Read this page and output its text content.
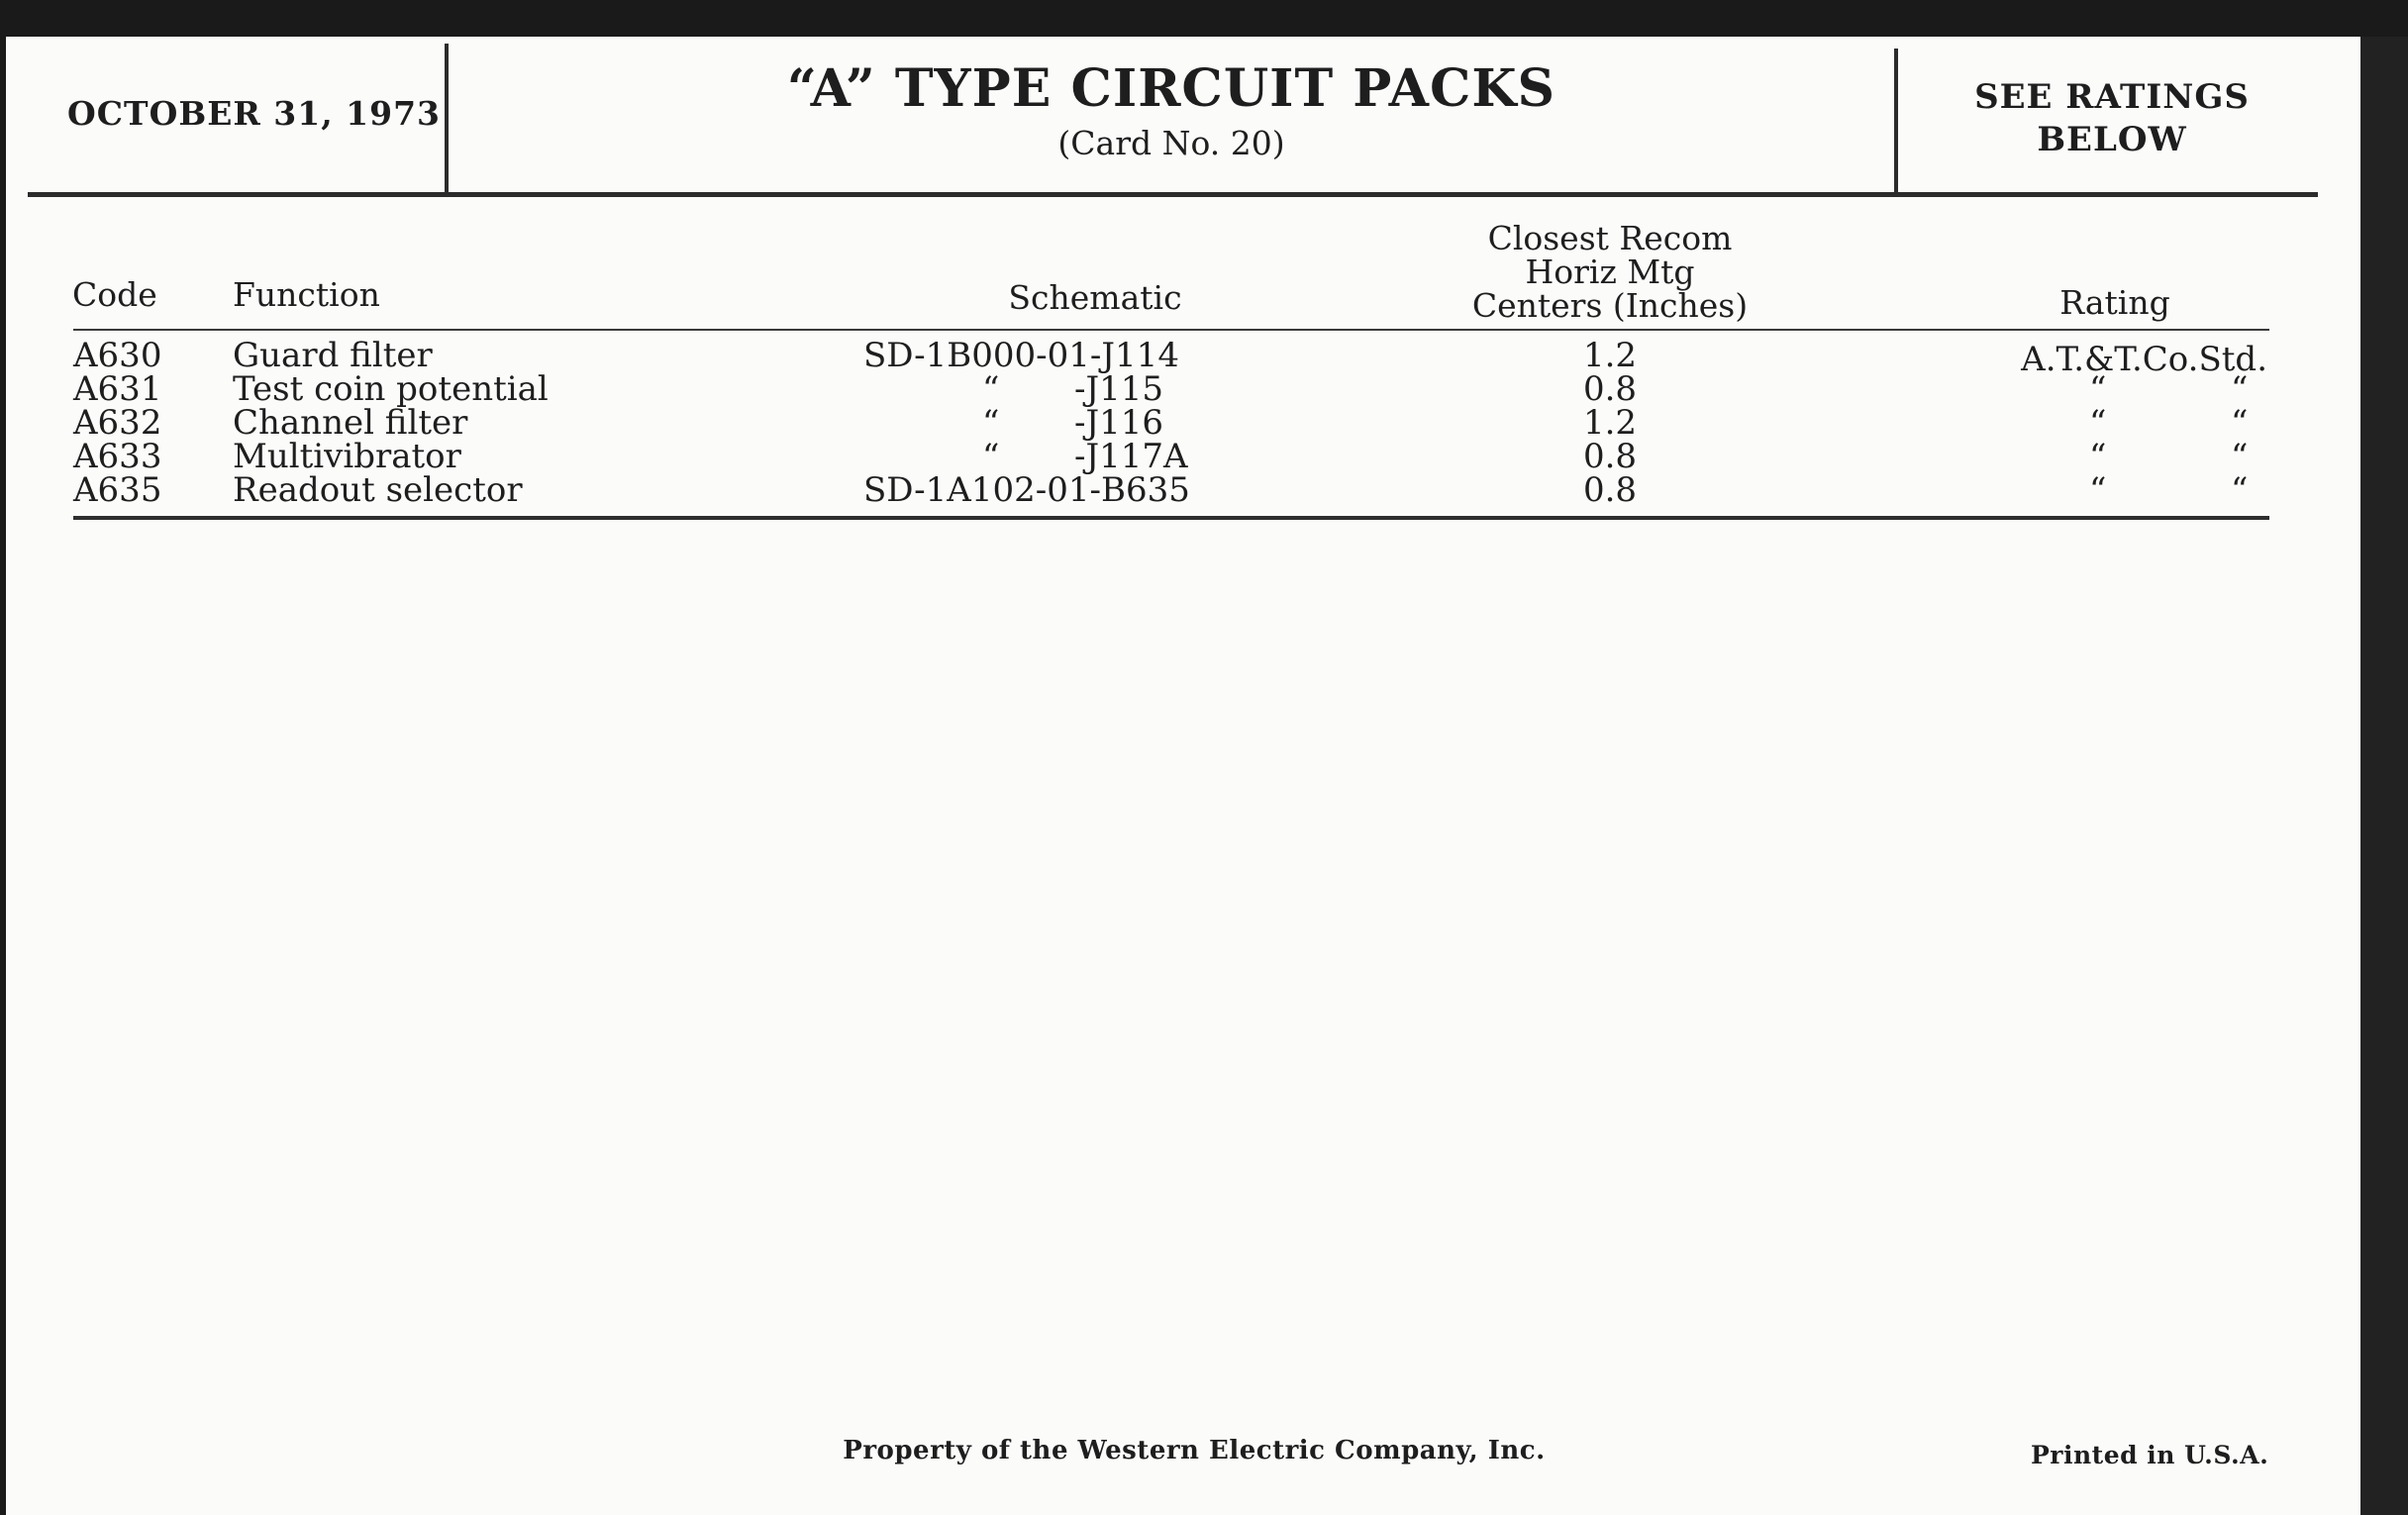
OCTOBER 31, 1973	“A” TYPE CIRCUIT PACKS
(Card No. 20)
SEE RATINGS
BELOW
Code Function	Schematic
Closest Recom
Horiz Mtg
Centers (Inches)	Rating
A630 Guard filter	SD-1B000-01-J114	1.2	A.T.&T.Co.Std.
A631 Test coin potential	“ -J115	0.8	“	“
A632 Channel filter	“ -J116	1.2	“	“
A633 Multivibrator	“ -J117A	0.8	“	“
A635 Readout selector	SD-1A102-01-B635	0.8	“	“
Property of the Western Electric Company, Inc.	Printed in U.S.A.
